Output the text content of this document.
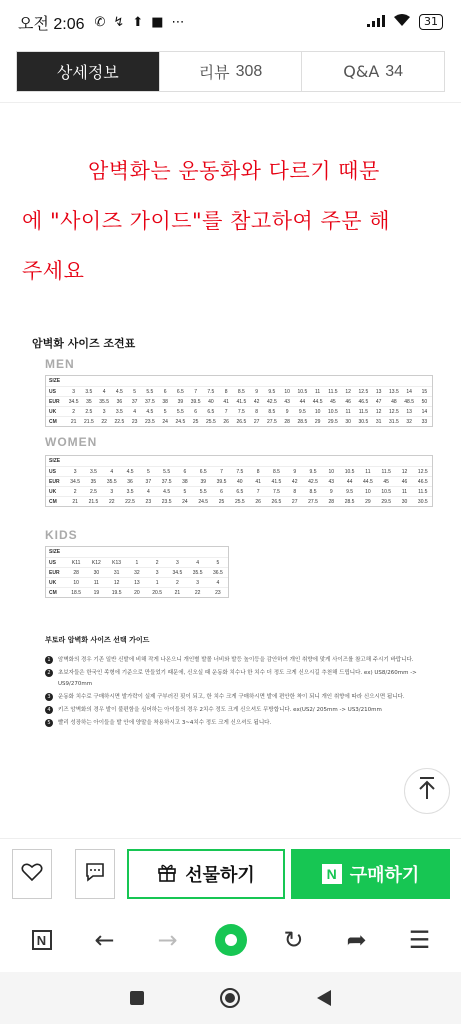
오전 2:06 ✆ ↯ ⬆ ■ ⋯	31
상세정보	리뷰 308	Q&A 34
암벽화는 운동화와 다르기 때문
에 "사이즈 가이드"를 참고하여 주문 해
주세요
암벽화 사이즈 조견표
MEN
SIZE
US	3	3.5	4	4.5	5	5.5	6	6.5	7	7.5	8	8.5	9	9.5	10	10.5	11	11.5	12	12.5	13	13.5	14	15
EUR	34.5	35	35.5	36	37	37.5	38	39	39.5	40	41	41.5	42	42.5	43	44	44.5	45	46	46.5	47	48	48.5	50
UK	2	2.5	3	3.5	4	4.5	5	5.5	6	6.5	7	7.5	8	8.5	9	9.5	10	10.5	11	11.5	12	12.5	13	14
CM	21	21.5	22	22.5	23	23.5	24	24.5	25	25.5	26	26.5	27	27.5	28	28.5	29	29.5	30	30.5	31	31.5	32	33
WOMEN
SIZE
US	3	3.5	4	4.5	5	5.5	6	6.5	7	7.5	8	8.5	9	9.5	10	10.5	11	11.5	12	12.5
EUR	34.5	35	35.5	36	37	37.5	38	39	39.5	40	41	41.5	42	42.5	43	44	44.5	45	46	46.5
UK	2	2.5	3	3.5	4	4.5	5	5.5	6	6.5	7	7.5	8	8.5	9	9.5	10	10.5	11	11.5
CM	21	21.5	22	22.5	23	23.5	24	24.5	25	25.5	26	26.5	27	27.5	28	28.5	29	29.5	30	30.5
KIDS
SIZE
US	K11	K12	K13	1	2	3	4	5
EUR	28	30	31	32	3	34.5	35.5	36.5
UK	10	11	12	13	1	2	3	4
CM	18.5	19	19.5	20	20.5	21	22	23
부토라 암벽화 사이즈 선택 가이드
1	암벽화의 경우 기존 일반 신발에 비해 작게 나온으니 개인별 발볼 너비와 발등 높이등을 감안하여 개인 취향에 맞게 사이즈를 참고해 주시기 바랍니다.
2	초보자들은 한국인 족형에 기준으로 만들었기 때문에, 신오실 때 운동화 치수나 한 치수 더 정도 크게 신으시길 추천해 드립니다. ex) US8/260mm -> US9/270mm
3	운동화 치수로 구매하시면 발가락이 실제 구부러진 핏이 되고, 한 치수 크게 구매하시면 발에 편안한 착이 되니 개인 취향에 따라 신으시면 됩니다.
4	키즈 암벽화의 경우 발이 불편함을 심어하는 아이들의 경우 2치수 정도 크게 신으셔도 무방합니다. ex(US2/ 205mm -> US3/210mm
5	빨리 성장하는 아이들을 발 안에 양말을 착용하시고 3~4치수 정도 크게 신으셔도 됩니다.
선물하기	N 구매하기
N ← →	↻ ➦ ☰
